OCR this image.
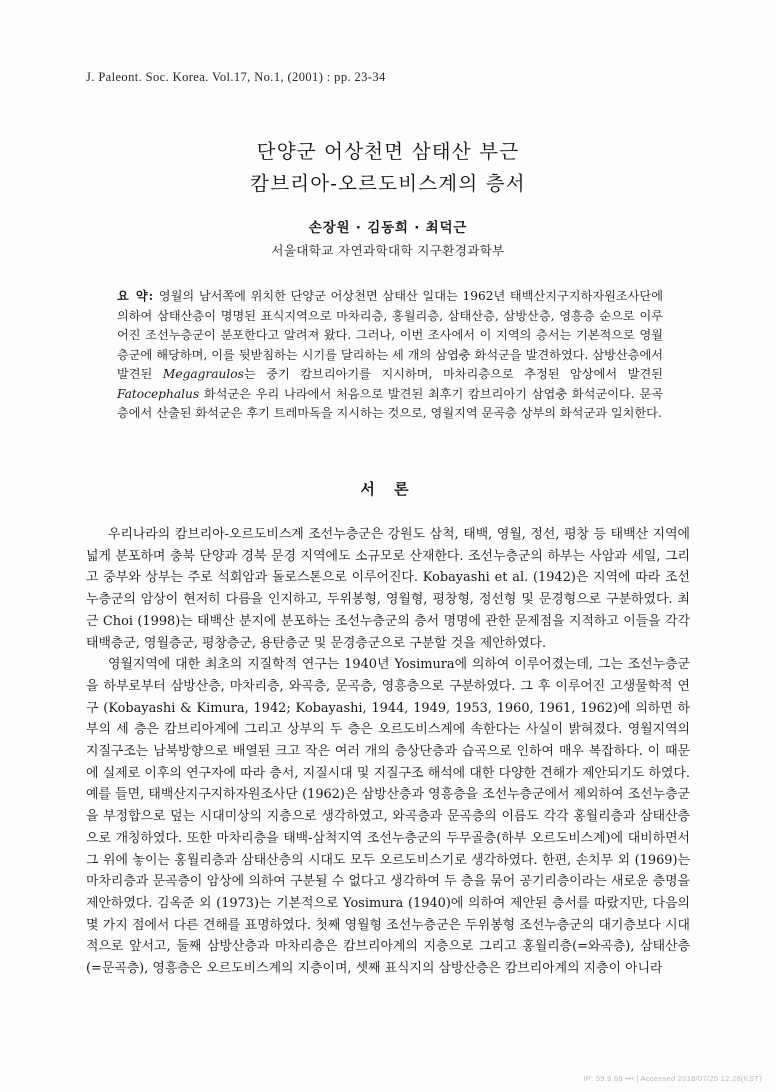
J. Paleont. Soc. Korea. Vol.17, No.1, (2001) : pp. 23-34
단양군 어상천면 삼태산 부근
캄브리아-오르도비스계의 층서
손장원 · 김동희 · 최덕근
서울대학교 자연과학대학 지구환경과학부
요 약: 영월의 남서쪽에 위치한 단양군 어상천면 삼태산 일대는 1962년 태백산지구지하자원조사단에 의하여 삼태산층이 명명된 표식지역으로 마차리층, 홍월리층, 삼태산층, 삼방산층, 영흥층 순으로 이루어진 조선누층군이 분포한다고 알려져 왔다. 그러나, 이번 조사에서 이 지역의 층서는 기본적으로 영월층군에 해당하며, 이를 뒷받침하는 시기를 달리하는 세 개의 삼엽충 화석군을 발견하였다. 삼방산층에서 발견된 Megagraulos는 중기 캄브리아기를 지시하며, 마차리층으로 추정된 암상에서 발견된 Fatocephalus 화석군은 우리 나라에서 처음으로 발견된 최후기 캄브리아기 삼엽충 화석군이다. 문곡층에서 산출된 화석군은 후기 트레마독을 지시하는 것으로, 영월지역 문곡층 상부의 화석군과 일치한다.
서 론

우리나라의 캄브리아-오르도비스계 조선누층군은 강원도 삼척, 태백, 영월, 정선, 평창 등 태백산 지역에 넓게 분포하며 충북 단양과 경북 문경 지역에도 소규모로 산재한다. 조선누층군의 하부는 사암과 세일, 그리고 중부와 상부는 주로 석회암과 돌로스톤으로 이루어진다. Kobayashi et al. (1942)은 지역에 따라 조선누층군의 암상이 현저히 다름을 인지하고, 두위봉형, 영월형, 평창형, 정선형 및 문경형으로 구분하였다. 최근 Choi (1998)는 태백산 분지에 분포하는 조선누층군의 층서 명명에 관한 문제점을 지적하고 이들을 각각 태백층군, 영월층군, 평창층군, 용탄층군 및 문경층군으로 구분할 것을 제안하였다.

영월지역에 대한 최초의 지질학적 연구는 1940년 Yosimura에 의하여 이루어졌는데, 그는 조선누층군을 하부로부터 삼방산층, 마차리층, 와곡층, 문곡층, 영흥층으로 구분하였다. 그 후 이루어진 고생물학적 연구 (Kobayashi & Kimura, 1942; Kobayashi, 1944, 1949, 1953, 1960, 1961, 1962)에 의하면 하부의 세 층은 캄브리아계에 그리고 상부의 두 층은 오르도비스계에 속한다는 사실이 밝혀졌다. 영월지역의 지질구조는 남북방향으로 배열된 크고 작은 여러 개의 층상단층과 습곡으로 인하여 매우 복잡하다. 이 때문에 실제로 이후의 연구자에 따라 층서, 지질시대 및 지질구조 해석에 대한 다양한 견해가 제안되기도 하였다. 예를 들면, 태백산지구지하자원조사단 (1962)은 삼방산층과 영흥층을 조선누층군에서 제외하여 조선누층군을 부정합으로 덮는 시대미상의 지층으로 생각하였고, 와곡층과 문곡층의 이름도 각각 홍월리층과 삼태산층으로 개칭하였다. 또한 마차리층을 태백-삼척지역 조선누층군의 두무골층(하부 오르도비스계)에 대비하면서 그 위에 놓이는 홍월리층과 삼태산층의 시대도 모두 오르도비스기로 생각하였다. 한편, 손치무 외 (1969)는 마차리층과 문곡층이 암상에 의하여 구분될 수 없다고 생각하여 두 층을 묶어 공기리층이라는 새로운 층명을 제안하였다. 김옥준 외 (1973)는 기본적으로 Yosimura (1940)에 의하여 제안된 층서를 따랐지만, 다음의 몇 가지 점에서 다른 견해를 표명하였다. 첫째 영월형 조선누층군은 두위봉형 조선누층군의 대기층보다 시대적으로 앞서고, 둘째 삼방산층과 마차리층은 캄브리아계의 지층으로 그리고 홍월리층(=와곡층), 삼태산층(=문곡층), 영흥층은 오르도비스계의 지층이며, 셋째 표식지의 삼방산층은 캄브리아계의 지층이 아니라

IP: 59.9.69 ••• | Accessed 2018/07/25 12:26(KST)
